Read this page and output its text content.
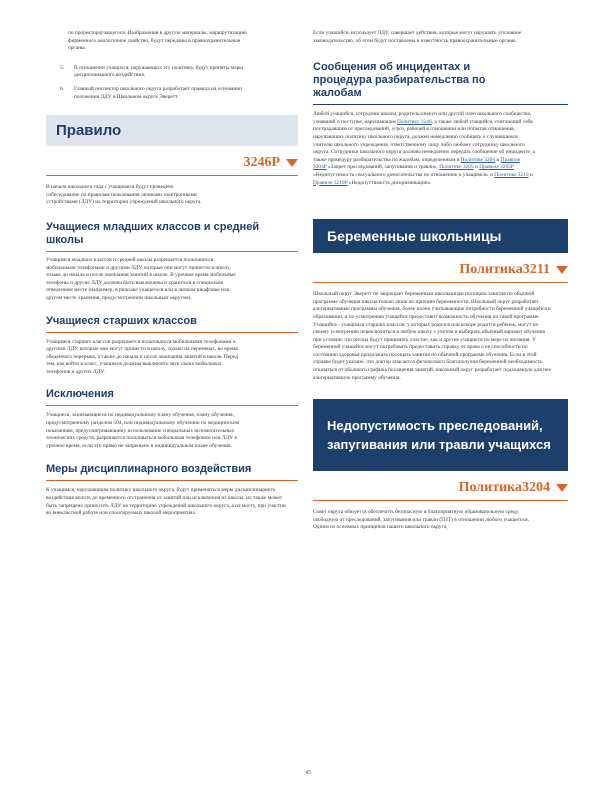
по проректораучащегося. Изображения в другую материалы, маршрутизацию фирменного аналогичное свойство, будут переданы в правоохранительные органы.
5. В отношении учащихся, нарушающих эту политику, будут приняты меры дисциплинарного воздействия.
6. Главный инспектор школьного округа разработает правила на основании положения ЛДУ в Школьном округе Эверетт.
Правило
3246P
В начале школьного года с учащимися будут проведено собеседование по правилам пользования личными электронными устройствами (ЛДУ) на территории учреждений школьного округа.
Учащиеся младших классов и средней школы
Учащимся младших классов и средней школы разрешается пользоваться мобильными телефонами и другими ЛДУ, которые они могут принести в школу, только до начала и после окончания занятий в школе. В урочное время мобильные телефоны и другие ЛДУ должны быть выключены и храниться в специально отведенном месте (например, в рюкзаке учащегося или в личном шкафчике или другом месте хранения, предусмотренном школьным округом).
Учащиеся старших классов
Учащимся старших классов разрешается пользоваться мобильными телефонами и другими ЛДУ, которые они могут принести в школу, только на переменах, во время обеденного перерыва, а также до начала и после окончания занятий в школе. Перед тем, как войти в класс, учащиеся должны выключить звук своих мобильных телефонов и других ЛДУ.
Исключения
Учащиеся, занимающиеся по индивидуальному плану обучения, плану обучения, предусмотренному разделом 504, или индивидуальному обучению по медицинским показаниям, предусматривающему использование специальных вспомогательных технических средств, разрешается пользоваться мобильным телефоном или ЛДУ в урочное время, если это прямо не запрещено в индивидуальном плане обучения.
Меры дисциплинарного воздействия
К учащимся, нарушающим политику школьного округа, будут применяться меры дисциплинарного воздействия вплоть до временного отстранения от занятий или исключения из школы; их также может быть запрещено приносить ЛДУ на территорию учреждений школьного округа, а на мосту, при участии во внеклассной работе или спонсируемых школой мероприятиях.
Если учащийся, использует ЛДУ, совершает действия, которые могут нарушить уголовное законодательство, об этом будут поставлены в известность правоохранительные органы.
Сообщения об инцидентах и процедура разбирательства по жалобам
Любой учащийся, сотрудник школы, родитель/опекун или другой член школьного сообщества, узнавший о поступке, нарушающем Политику 3246, а также любой учащийся, считающий себя пострадавшим от преследований, угроз, рабочей в отношении или попыток отношения, нарушающих политику школьного округа, должен немедленно сообщить о случившемся учителю школьного учреждения, ответственному лицу либо любому сотруднику школьного округа. Сотрудники школьного округа должны немедленно передать сообщение об инциденте, а также процедуру разбирательства по жалобам, определенным в Политике 3204 и Правиле 3204P «Запрет преследований, запугивания и травли», Политике 3205 и Правиле 3205P «Недопустимость сексуального домогательства по отношению к учащимся» и Политике 3210 и Правиле 3210P «Недопустимость дискриминации».
Беременные школьницы
Политика3211
Школьный округ Эверетт не запрещает беременным школьницам посещать занятия по обычной программе обучения школы только лишь по причине беременности. Школьный округ разработает альтернативные программы обучения, более полно учитывающие потребности беременной учащейся в образовании, и по усмотрению учащейся предоставит возможность обучения по такой программе. Учащийся - учащимся старших классов, у которых родился или вскоре родится ребенок, могут по своему усмотрению переключиться в любую школу с учетом и выбирать обычный вариант обучения при условии, что он/она будут принимать участие, как и другие учащиеся по мере их желания. У беременной учащейся могут потребовать предоставить справку от врача о ее способности по состоянию здоровья продолжать посещать занятия по обычной программе обучения. Если в этой справке будет указано, что доктор опасается физического благополучия беременной необходимость отказаться от обычного графика посещения занятий, школьный округ разработает подходящую для нее альтернативную программу обучения.
Недопустимость преследований, запугивания или травли учащихся
Политика3204
Совет округа обязуется обеспечить безопасную и благоприятную образовательную среду, свободную от преследований, запугивания или травли (ПЗТ) в отношении любого учащегося. Одним из основных принципов нашего школьного округа,
45
